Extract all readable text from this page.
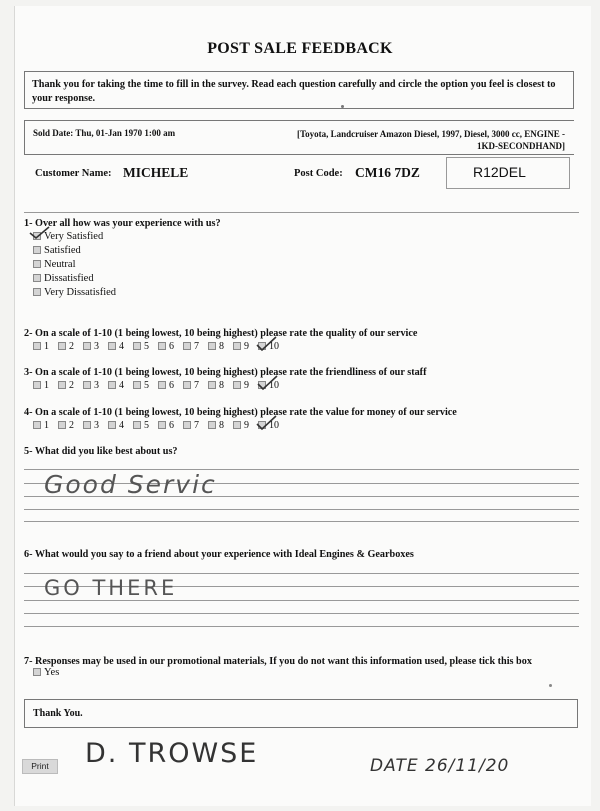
POST SALE FEEDBACK
Thank you for taking the time to fill in the survey. Read each question carefully and circle the option you feel is closest to your response.
Sold Date: Thu, 01-Jan 1970 1:00 am	[Toyota, Landcruiser Amazon Diesel, 1997, Diesel, 3000 cc, ENGINE -
1KD-SECONDHAND]
Customer Name: MICHELE	Post Code: CM16 7DZ	R12DEL
1- Over all how was your experience with us?
Very Satisfied
Satisfied
Neutral
Dissatisfied
Very Dissatisfied
2- On a scale of 1-10 (1 being lowest, 10 being highest) please rate the quality of our service
1 2 3 4 5 6 7 8 9 10
3- On a scale of 1-10 (1 being lowest, 10 being highest) please rate the friendliness of our staff
1 2 3 4 5 6 7 8 9 10
4- On a scale of 1-10 (1 being lowest, 10 being highest) please rate the value for money of our service
1 2 3 4 5 6 7 8 9 10
5- What did you like best about us?
Good Servic
6- What would you say to a friend about your experience with Ideal Engines & Gearboxes
GO THERE
7- Responses may be used in our promotional materials, If you do not want this information used, please tick this box
Yes
Thank You.
Print	D. TROWSE	DATE 26/11/20
